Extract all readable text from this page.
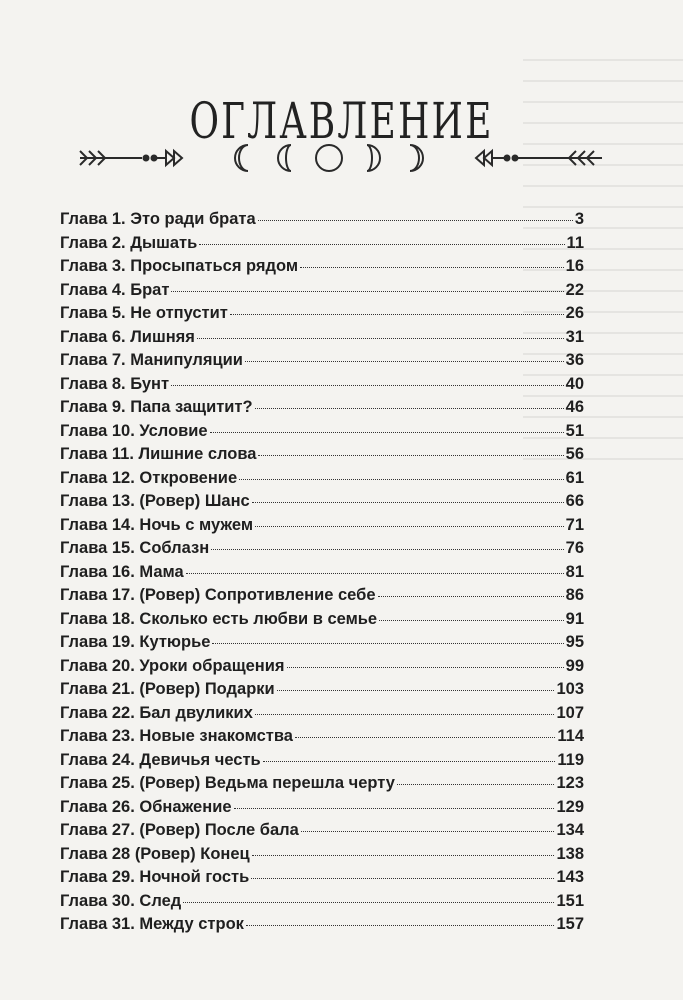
ОГЛАВЛЕНИЕ
Глава 1. Это ради брата	3
Глава 2. Дышать	11
Глава 3. Просыпаться рядом	16
Глава 4. Брат	22
Глава 5. Не отпустит	26
Глава 6. Лишняя	31
Глава 7. Манипуляции	36
Глава 8. Бунт	40
Глава 9. Папа защитит?	46
Глава 10. Условие	51
Глава 11. Лишние слова	56
Глава 12. Откровение	61
Глава 13. (Ровер) Шанс	66
Глава 14. Ночь с мужем	71
Глава 15. Соблазн	76
Глава 16. Мама	81
Глава 17. (Ровер) Сопротивление себе	86
Глава 18. Сколько есть любви в семье	91
Глава 19. Кутюрье	95
Глава 20. Уроки обращения	99
Глава 21. (Ровер) Подарки	103
Глава 22. Бал двуликих	107
Глава 23. Новые знакомства	114
Глава 24. Девичья честь	119
Глава 25. (Ровер) Ведьма перешла черту	123
Глава 26. Обнажение	129
Глава 27. (Ровер) После бала	134
Глава 28 (Ровер) Конец	138
Глава 29. Ночной гость	143
Глава 30. След	151
Глава 31. Между строк	157
